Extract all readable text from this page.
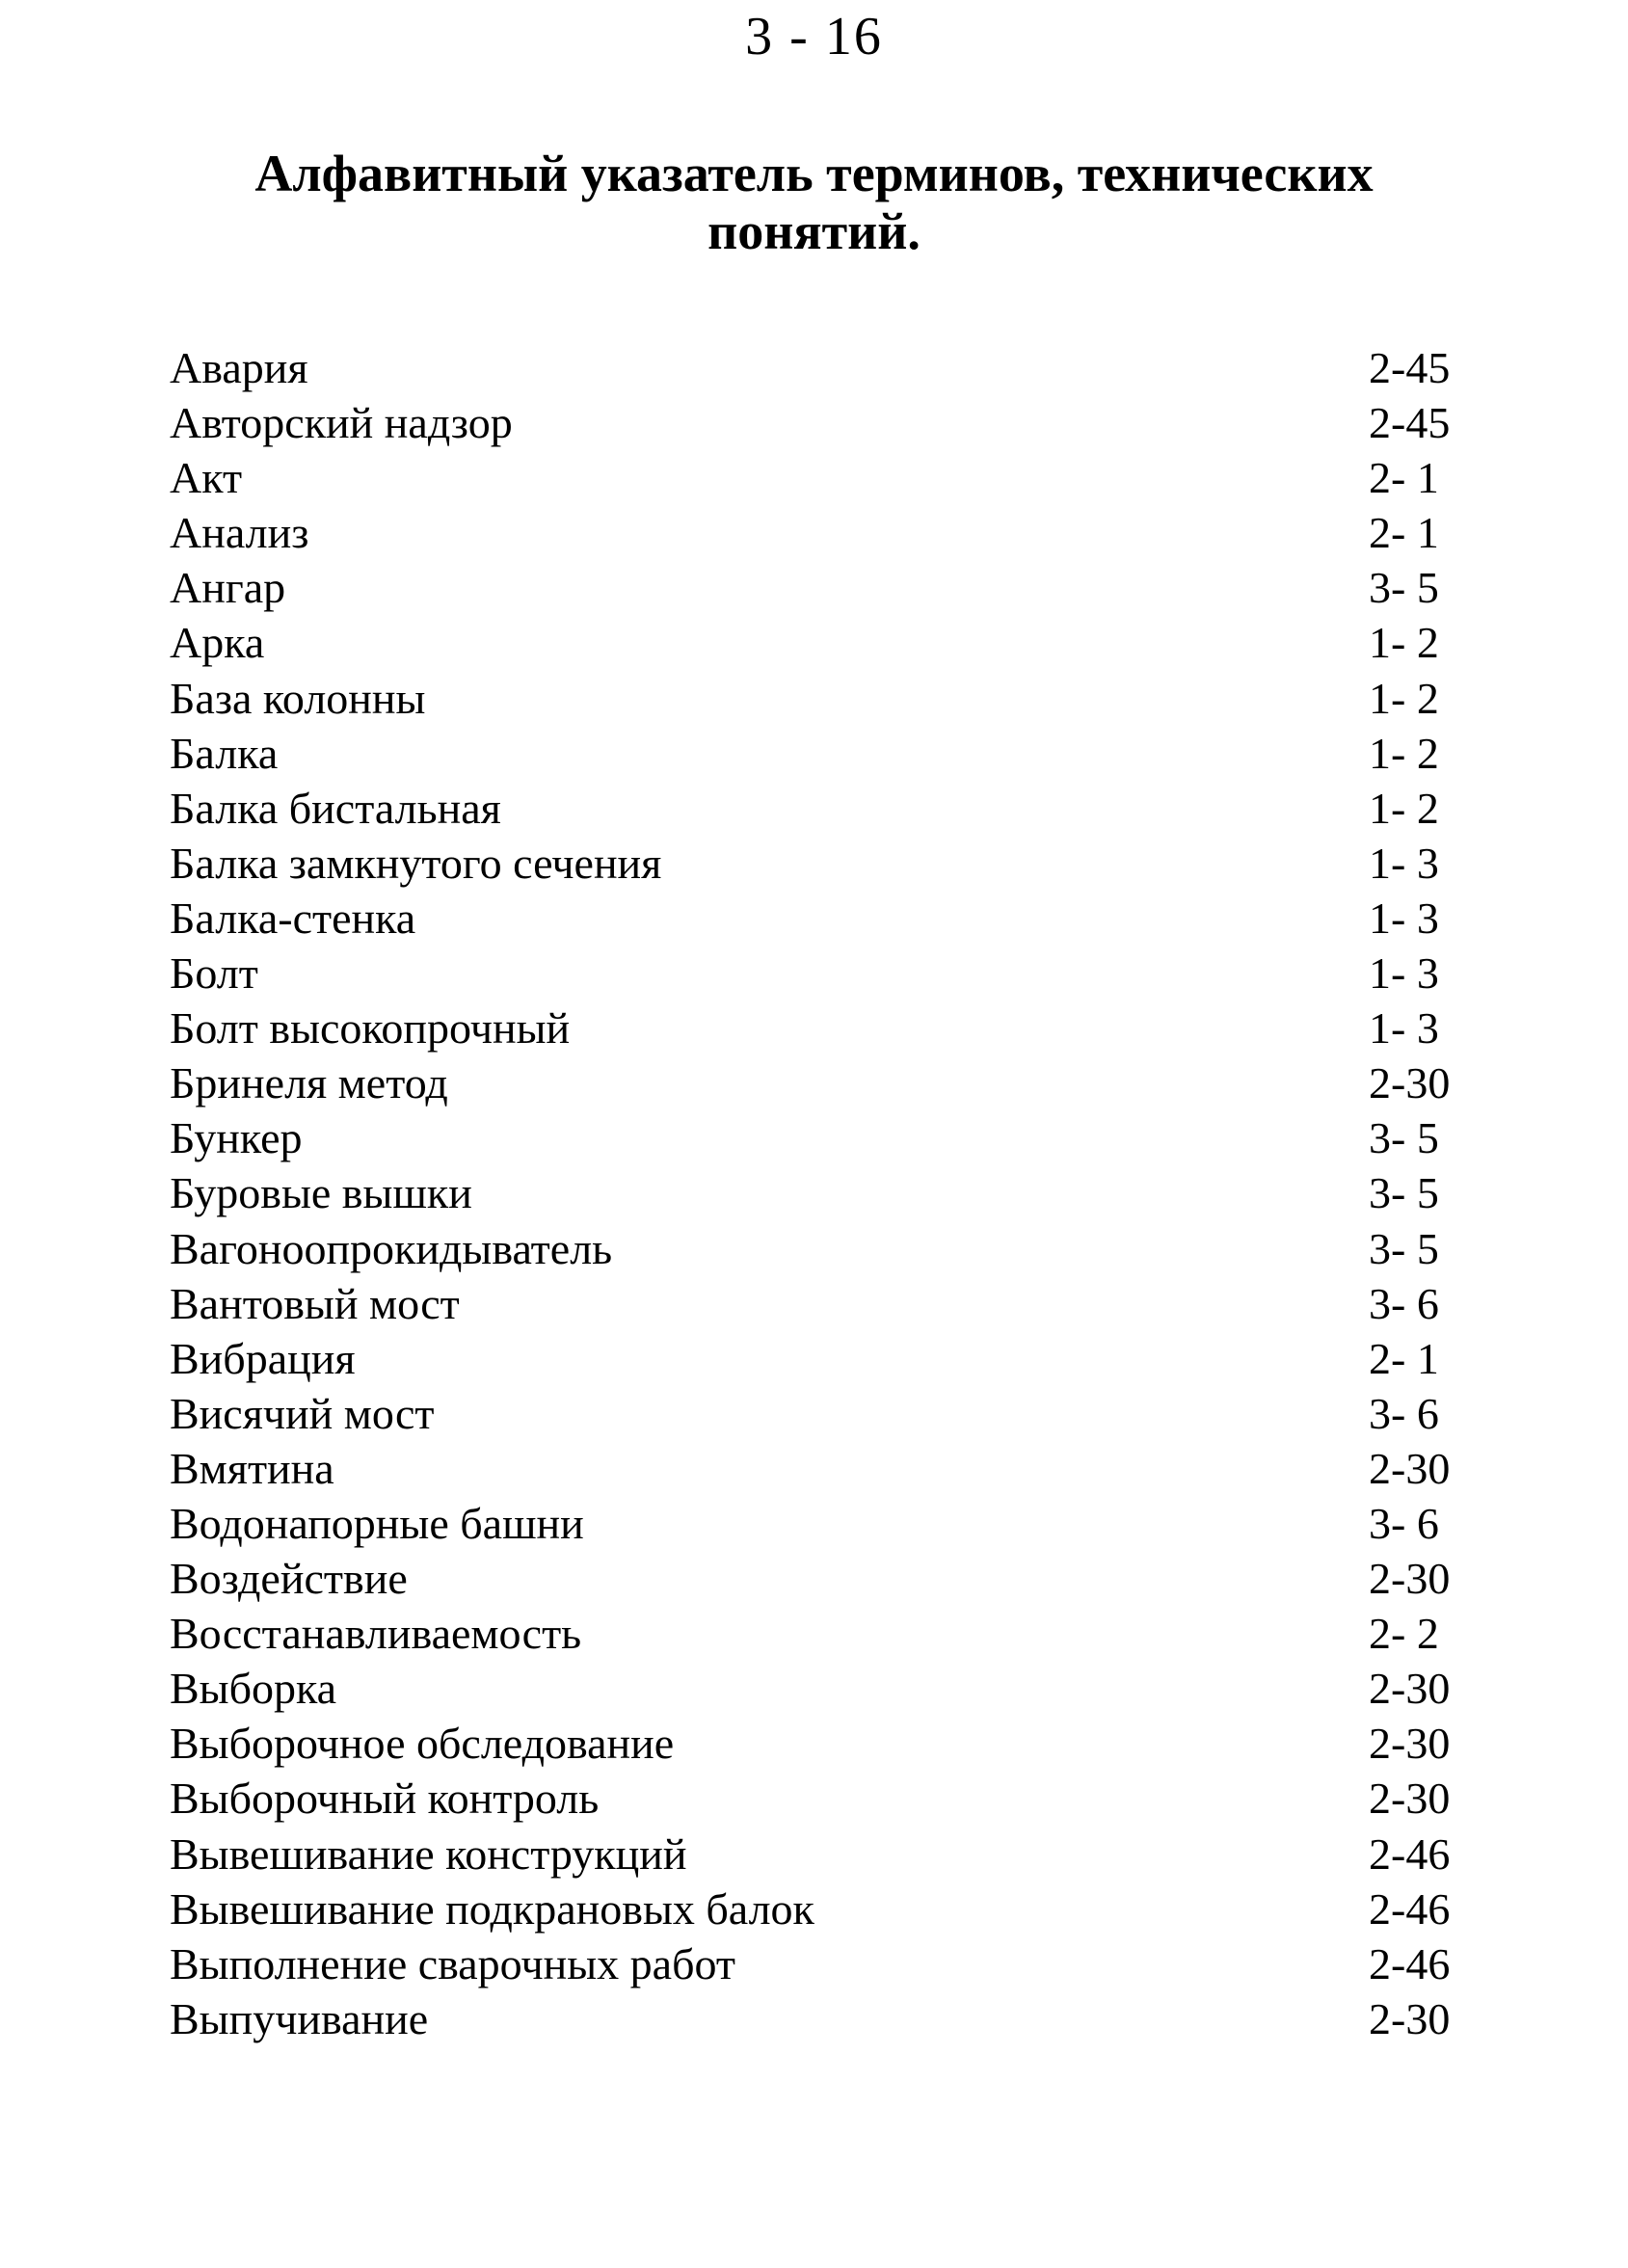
3 - 16
Алфавитный указатель терминов, технических
понятий.
Авария	2-45
Авторский надзор	2-45
Акт	2- 1
Анализ	2- 1
Ангар	3- 5
Арка	1- 2
База колонны	1- 2
Балка	1- 2
Балка бистальная	1- 2
Балка замкнутого сечения	1- 3
Балка-стенка	1- 3
Болт	1- 3
Болт высокопрочный	1- 3
Бринеля метод	2-30
Бункер	3- 5
Буровые вышки	3- 5
Вагоноопрокидыватель	3- 5
Вантовый мост	3- 6
Вибрация	2- 1
Висячий мост	3- 6
Вмятина	2-30
Водонапорные башни	3- 6
Воздействие	2-30
Восстанавливаемость	2- 2
Выборка	2-30
Выборочное обследование	2-30
Выборочный контроль	2-30
Вывешивание конструкций	2-46
Вывешивание подкрановых балок	2-46
Выполнение сварочных работ	2-46
Выпучивание	2-30
